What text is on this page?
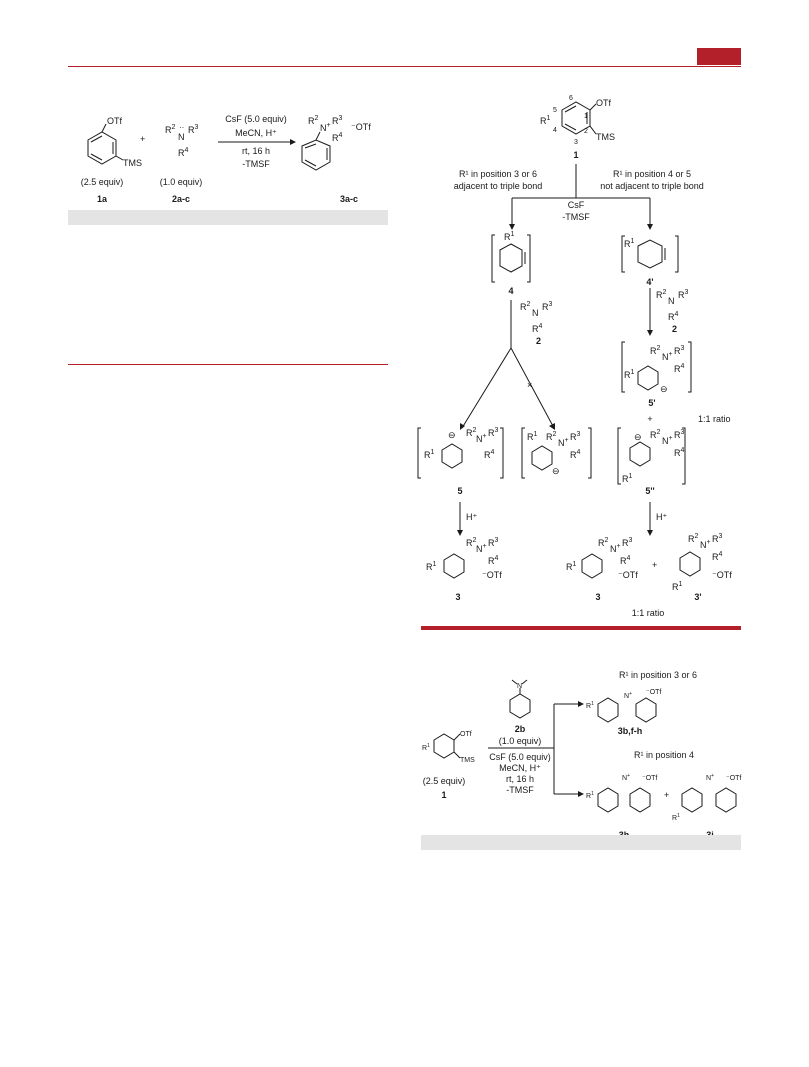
OTf
TMS
+
$R^2$
N
·· $R^3$
$R^4$
CsF (5.0 equiv)
MeCN, H⁺
rt, 16 h
-TMSF
$R^2$
N+ $R^3$
$R^4$
⁻OTf
(2.5 equiv)	(1.0 equiv)
1a	2a-c	3a-c
OTf
TMS
$R^1$
5
4
1
2
3
6
1
R¹ in position 3 or 6
adjacent to triple bond
R¹ in position 4 or 5
not adjacent to triple bond
CsF
-TMSF
$R^1$
4
$R^1$
4'
$R^2$
N
$R^3$
$R^4$
2
×
$R^2$
N
$R^3$
$R^4$
2
$R^1$
$R^2$
N+ $R^3$
$R^4$
⊖
5'
+	1:1 ratio
⊖ $R^2$
N+ $R^3$
$R^4$
$R^1$
5''
⊖
$R^1$
$R^2$
N+ $R^3$
$R^4$
5
$R^1$ $R^2$
N+ $R^3$
$R^4$
⊖
H⁺	H⁺
$R^1$
$R^2$
N+ $R^3$
$R^4$
⁻OTf
3
$R^1$
$R^2$
N+ $R^3$
$R^4$
⁻OTf
3
+
$R^2$
N+ $R^3$
$R^4$
$R^1$
⁻OTf
3'
1:1 ratio
OTf
TMS
$R^1$
(2.5 equiv)
1
N
2b
(1.0 equiv)
CsF (5.0 equiv)
MeCN, H⁺
rt, 16 h
-TMSF
R¹ in position 3 or 6
$R^1$
N+ ⁻OTf
3b,f-h
R¹ in position 4
$R^1$
N+ ⁻OTf
+
$R^1$
N+ ⁻OTf
